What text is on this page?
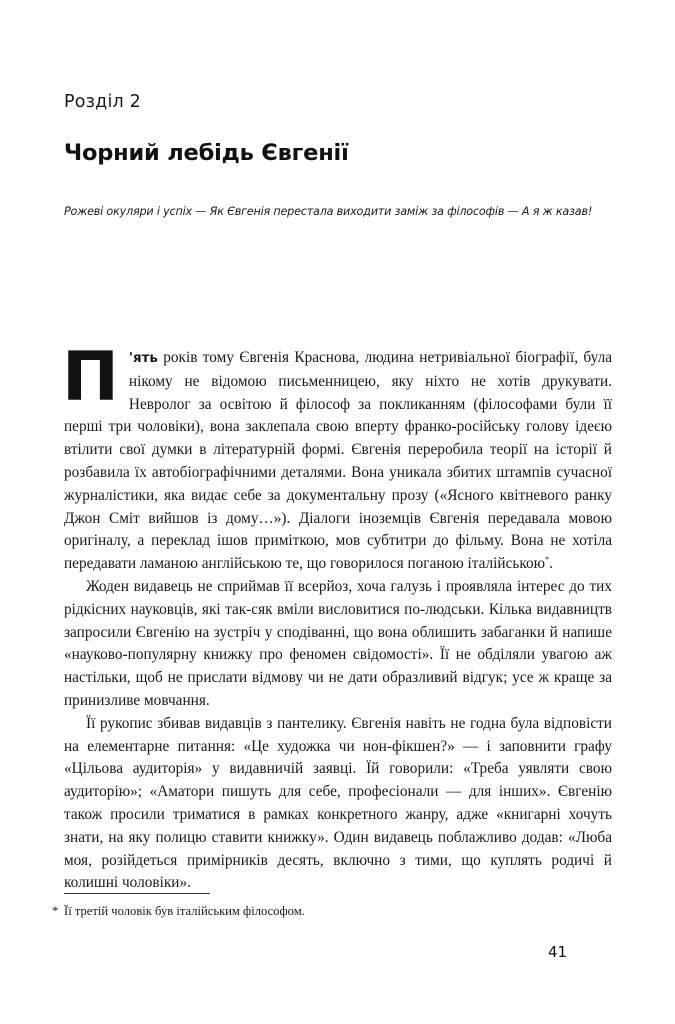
Розділ 2
Чорний лебідь Євгенії
Рожеві окуляри і успіх — Як Євгенія перестала виходити заміж за філософів — А я ж казав!

П 'ять років тому Євгенія Краснова, людина нетривіальної біографії, була нікому не відомою письменницею, яку ніхто не хотів друкувати. Невролог за освітою й філософ за покликанням (філософами були її перші три чоловіки), вона заклепала свою вперту франко-російську голову ідеєю втілити свої думки в літературній формі. Євгенія переробила теорії на історії й розбавила їх автобіографічними деталями. Вона уникала збитих штампів сучасної журналістики, яка видає себе за документальну прозу («Ясного квітневого ранку Джон Сміт вийшов із дому…»). Діалоги іноземців Євгенія передавала мовою оригіналу, а переклад ішов приміткою, мов субтитри до фільму. Вона не хотіла передавати ламаною англійською те, що говорилося поганою італійською*.

Жоден видавець не сприймав її всерйоз, хоча галузь і проявляла інтерес до тих рідкісних науковців, які так-сяк вміли висловитися по-людськи. Кілька видавництв запросили Євгенію на зустріч у сподіванні, що вона облишить забаганки й напише «науково-популярну книжку про феномен свідомості». Її не обділяли увагою аж настільки, щоб не прислати відмову чи не дати образливий відгук; усе ж краще за принизливе мовчання.

Її рукопис збивав видавців з пантелику. Євгенія навіть не годна була відповісти на елементарне питання: «Це художка чи нон-фікшен?» — і заповнити графу «Цільова аудиторія» у видавничій заявці. Їй говорили: «Треба уявляти свою аудиторію»; «Аматори пишуть для себе, професіонали — для інших». Євгенію також просили триматися в рамках конкретного жанру, адже «книгарні хочуть знати, на яку полицю ставити книжку». Один видавець поблажливо додав: «Люба моя, розійдеться примірників десять, включно з тими, що куплять родичі й колишні чоловіки».

* Її третій чоловік був італійським філософом.
41
